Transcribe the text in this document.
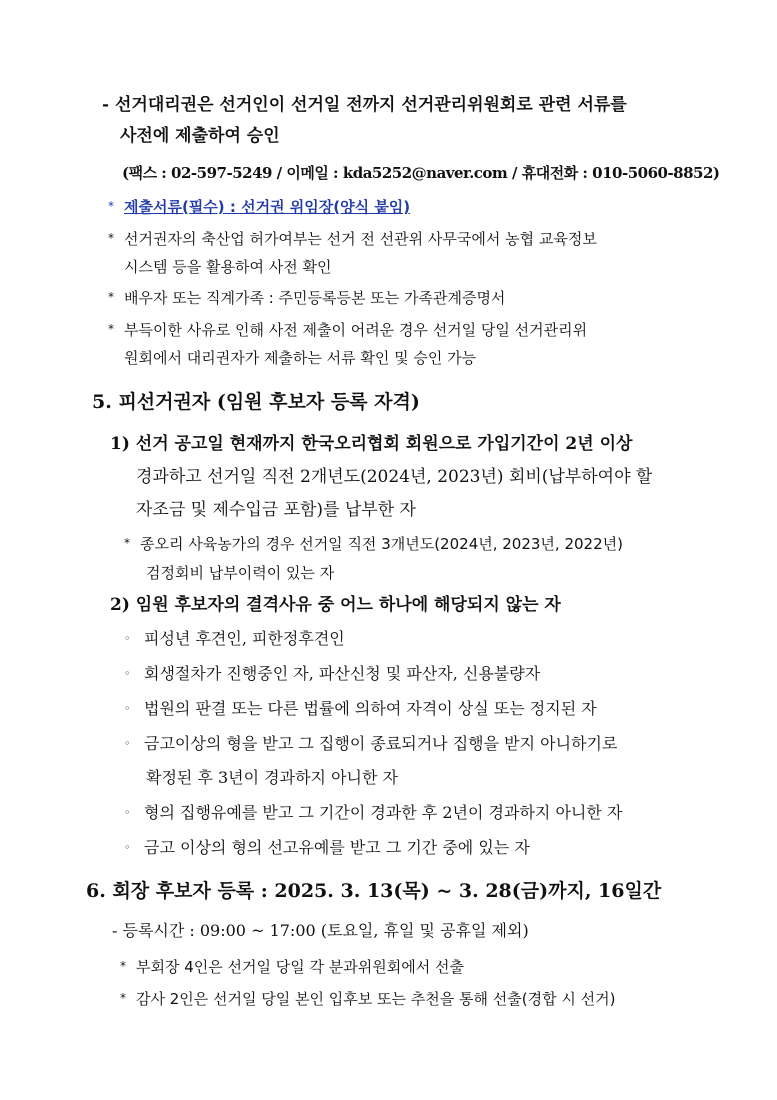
- 선거대리권은 선거인이 선거일 전까지 선거관리위원회로 관련 서류를
사전에 제출하여 승인
(팩스 : 02-597-5249 / 이메일 : kda5252@naver.com / 휴대전화 : 010-5060-8852)
* 제출서류(필수) : 선거권 위임장(양식 붙임)
* 선거권자의 축산업 허가여부는 선거 전 선관위 사무국에서 농협 교육정보
시스템 등을 활용하여 사전 확인
* 배우자 또는 직계가족 : 주민등록등본 또는 가족관계증명서
* 부득이한 사유로 인해 사전 제출이 어려운 경우 선거일 당일 선거관리위
원회에서 대리권자가 제출하는 서류 확인 및 승인 가능
5. 피선거권자 (임원 후보자 등록 자격)
1) 선거 공고일 현재까지 한국오리협회 회원으로 가입기간이 2년 이상
경과하고 선거일 직전 2개년도(2024년, 2023년) 회비(납부하여야 할
자조금 및 제수입금 포함)를 납부한 자
* 종오리 사육농가의 경우 선거일 직전 3개년도(2024년, 2023년, 2022년)
검정회비 납부이력이 있는 자
2) 임원 후보자의 결격사유 중 어느 하나에 해당되지 않는 자
◦ 피성년 후견인, 피한정후견인
◦ 회생절차가 진행중인 자, 파산신청 및 파산자, 신용불량자
◦ 법원의 판결 또는 다른 법률에 의하여 자격이 상실 또는 정지된 자
◦ 금고이상의 형을 받고 그 집행이 종료되거나 집행을 받지 아니하기로
확정된 후 3년이 경과하지 아니한 자
◦ 형의 집행유예를 받고 그 기간이 경과한 후 2년이 경과하지 아니한 자
◦ 금고 이상의 형의 선고유예를 받고 그 기간 중에 있는 자
6. 회장 후보자 등록 : 2025. 3. 13(목) ~ 3. 28(금)까지, 16일간
- 등록시간 : 09:00 ~ 17:00 (토요일, 휴일 및 공휴일 제외)
* 부회장 4인은 선거일 당일 각 분과위원회에서 선출
* 감사 2인은 선거일 당일 본인 입후보 또는 추천을 통해 선출(경합 시 선거)
